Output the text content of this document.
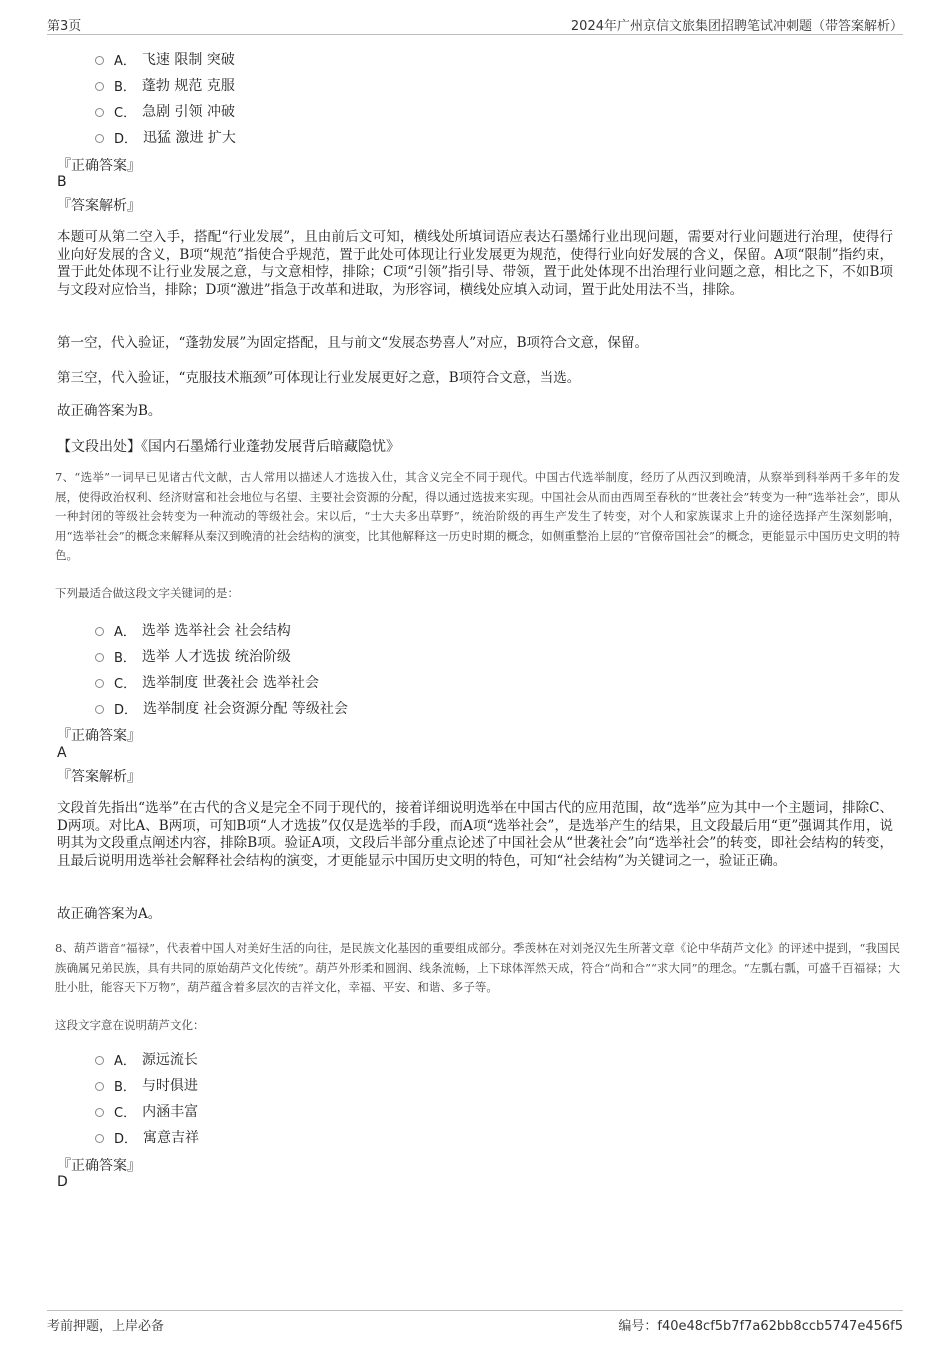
第3页	2024年广州京信文旅集团招聘笔试冲刺题（带答案解析）
A． 飞速 限制 突破
B． 蓬勃 规范 克服
C． 急剧 引领 冲破
D． 迅猛 激进 扩大
『正确答案』
B
『答案解析』
本题可从第二空入手，搭配“行业发展”，且由前后文可知，横线处所填词语应表达石墨烯行业出现问题，需要对行业问题进行治理，使得行业向好发展的含义，B项“规范”指使合乎规范，置于此处可体现让行业发展更为规范，使得行业向好发展的含义，保留。A项“限制”指约束，置于此处体现不让行业发展之意，与文意相悖，排除；C项“引领”指引导、带领，置于此处体现不出治理行业问题之意，相比之下，不如B项与文段对应恰当，排除；D项“激进”指急于改革和进取，为形容词，横线处应填入动词，置于此处用法不当，排除。
第一空，代入验证，“蓬勃发展”为固定搭配，且与前文“发展态势喜人”对应，B项符合文意，保留。
第三空，代入验证，“克服技术瓶颈”可体现让行业发展更好之意，B项符合文意，当选。
故正确答案为B。
【文段出处】《国内石墨烯行业蓬勃发展背后暗藏隐忧》
7、“选举”一词早已见诸古代文献，古人常用以描述人才选拔入仕，其含义完全不同于现代。中国古代选举制度，经历了从西汉到晚清，从察举到科举两千多年的发展，使得政治权利、经济财富和社会地位与名望、主要社会资源的分配，得以通过选拔来实现。中国社会从而由西周至春秋的“世袭社会”转变为一种“选举社会”，即从一种封闭的等级社会转变为一种流动的等级社会。宋以后，“士大夫多出草野”，统治阶级的再生产发生了转变，对个人和家族谋求上升的途径选择产生深刻影响，用“选举社会”的概念来解释从秦汉到晚清的社会结构的演变，比其他解释这一历史时期的概念，如侧重整治上层的“官僚帝国社会”的概念，更能显示中国历史文明的特色。
下列最适合做这段文字关键词的是：
A． 选举 选举社会 社会结构
B． 选举 人才选拔 统治阶级
C． 选举制度 世袭社会 选举社会
D． 选举制度 社会资源分配 等级社会
『正确答案』
A
『答案解析』
文段首先指出“选举”在古代的含义是完全不同于现代的，接着详细说明选举在中国古代的应用范围，故“选举”应为其中一个主题词，排除C、D两项。对比A、B两项，可知B项“人才选拔”仅仅是选举的手段，而A项“选举社会”，是选举产生的结果，且文段最后用“更”强调其作用，说明其为文段重点阐述内容，排除B项。验证A项，文段后半部分重点论述了中国社会从“世袭社会”向“选举社会”的转变，即社会结构的转变，且最后说明用选举社会解释社会结构的演变，才更能显示中国历史文明的特色，可知“社会结构”为关键词之一，验证正确。
故正确答案为A。
8、葫芦谐音“福禄”，代表着中国人对美好生活的向往，是民族文化基因的重要组成部分。季羡林在对刘尧汉先生所著文章《论中华葫芦文化》的评述中提到，“我国民族确属兄弟民族，具有共同的原始葫芦文化传统”。葫芦外形柔和圆润、线条流畅，上下球体浑然天成，符合“尚和合”“求大同”的理念。“左瓢右瓢，可盛千百福禄；大肚小肚，能容天下万物”，葫芦蕴含着多层次的吉祥文化，幸福、平安、和谐、多子等。
这段文字意在说明葫芦文化：
A． 源远流长
B． 与时俱进
C． 内涵丰富
D． 寓意吉祥
『正确答案』
D
考前押题，上岸必备	编号：f40e48cf5b7f7a62bb8ccb5747e456f5
